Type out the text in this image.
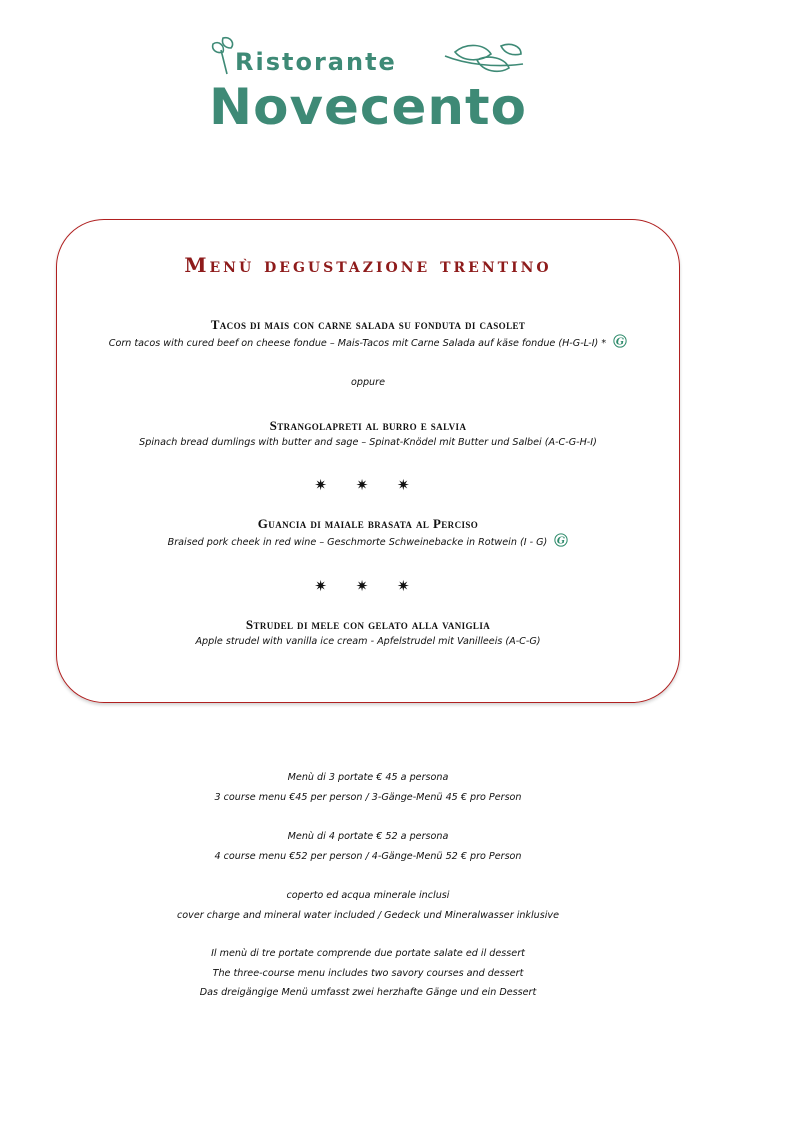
Ristorante
Novecento
Menù degustazione trentino

Tacos di mais con carne salada su fonduta di casolet

Corn tacos with cured beef on cheese fondue – Mais-Tacos mit Carne Salada auf käse fondue (H-G-L-I) * G

oppure

Strangolapreti al burro e salvia

Spinach bread dumlings with butter and sage – Spinat-Knödel mit Butter und Salbei (A-C-G-H-I)

✷ ✷ ✷

Guancia di maiale brasata al Perciso

Braised pork cheek in red wine – Geschmorte Schweinebacke in Rotwein (I - G) G

✷ ✷ ✷

Strudel di mele con gelato alla vaniglia

Apple strudel with vanilla ice cream - Apfelstrudel mit Vanilleeis (A-C-G)

Menù di 3 portate € 45 a persona

3 course menu €45 per person / 3-Gänge-Menü 45 € pro Person

Menù di 4 portate € 52 a persona

4 course menu €52 per person / 4-Gänge-Menü 52 € pro Person

coperto ed acqua minerale inclusi

cover charge and mineral water included / Gedeck und Mineralwasser inklusive

Il menù di tre portate comprende due portate salate ed il dessert

The three-course menu includes two savory courses and dessert

Das dreigängige Menü umfasst zwei herzhafte Gänge und ein Dessert
